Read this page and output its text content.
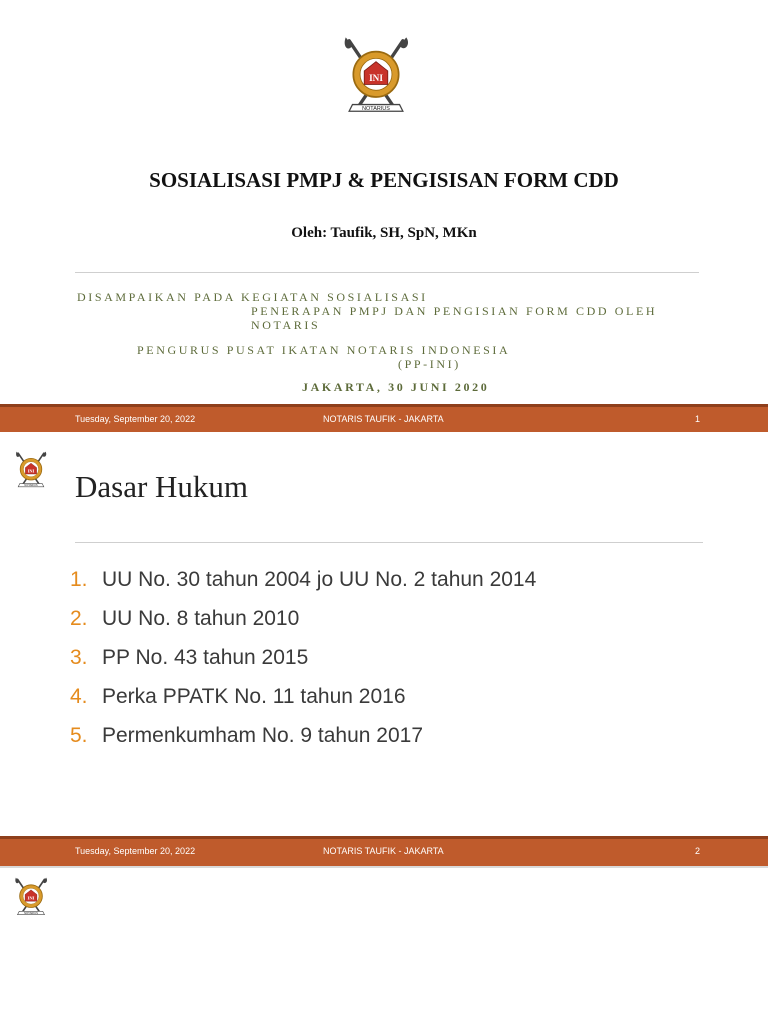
SOSIALISASI PMPJ & PENGISISAN FORM CDD
Oleh: Taufik, SH, SpN, MKn
DISAMPAIKAN PADA KEGIATAN SOSIALISASI
PENERAPAN PMPJ DAN PENGISIAN FORM CDD OLEH
NOTARIS
PENGURUS PUSAT IKATAN NOTARIS INDONESIA
(PP-INI)
JAKARTA, 30 JUNI 2020
Tuesday, September 20, 2022	NOTARIS TAUFIK - JAKARTA	1
Dasar Hukum
1. UU No. 30 tahun 2004 jo UU No. 2 tahun 2014
2. UU No. 8 tahun 2010
3. PP No. 43 tahun 2015
4. Perka PPATK No. 11 tahun 2016
5. Permenkumham No. 9 tahun 2017
Tuesday, September 20, 2022	NOTARIS TAUFIK - JAKARTA	2
